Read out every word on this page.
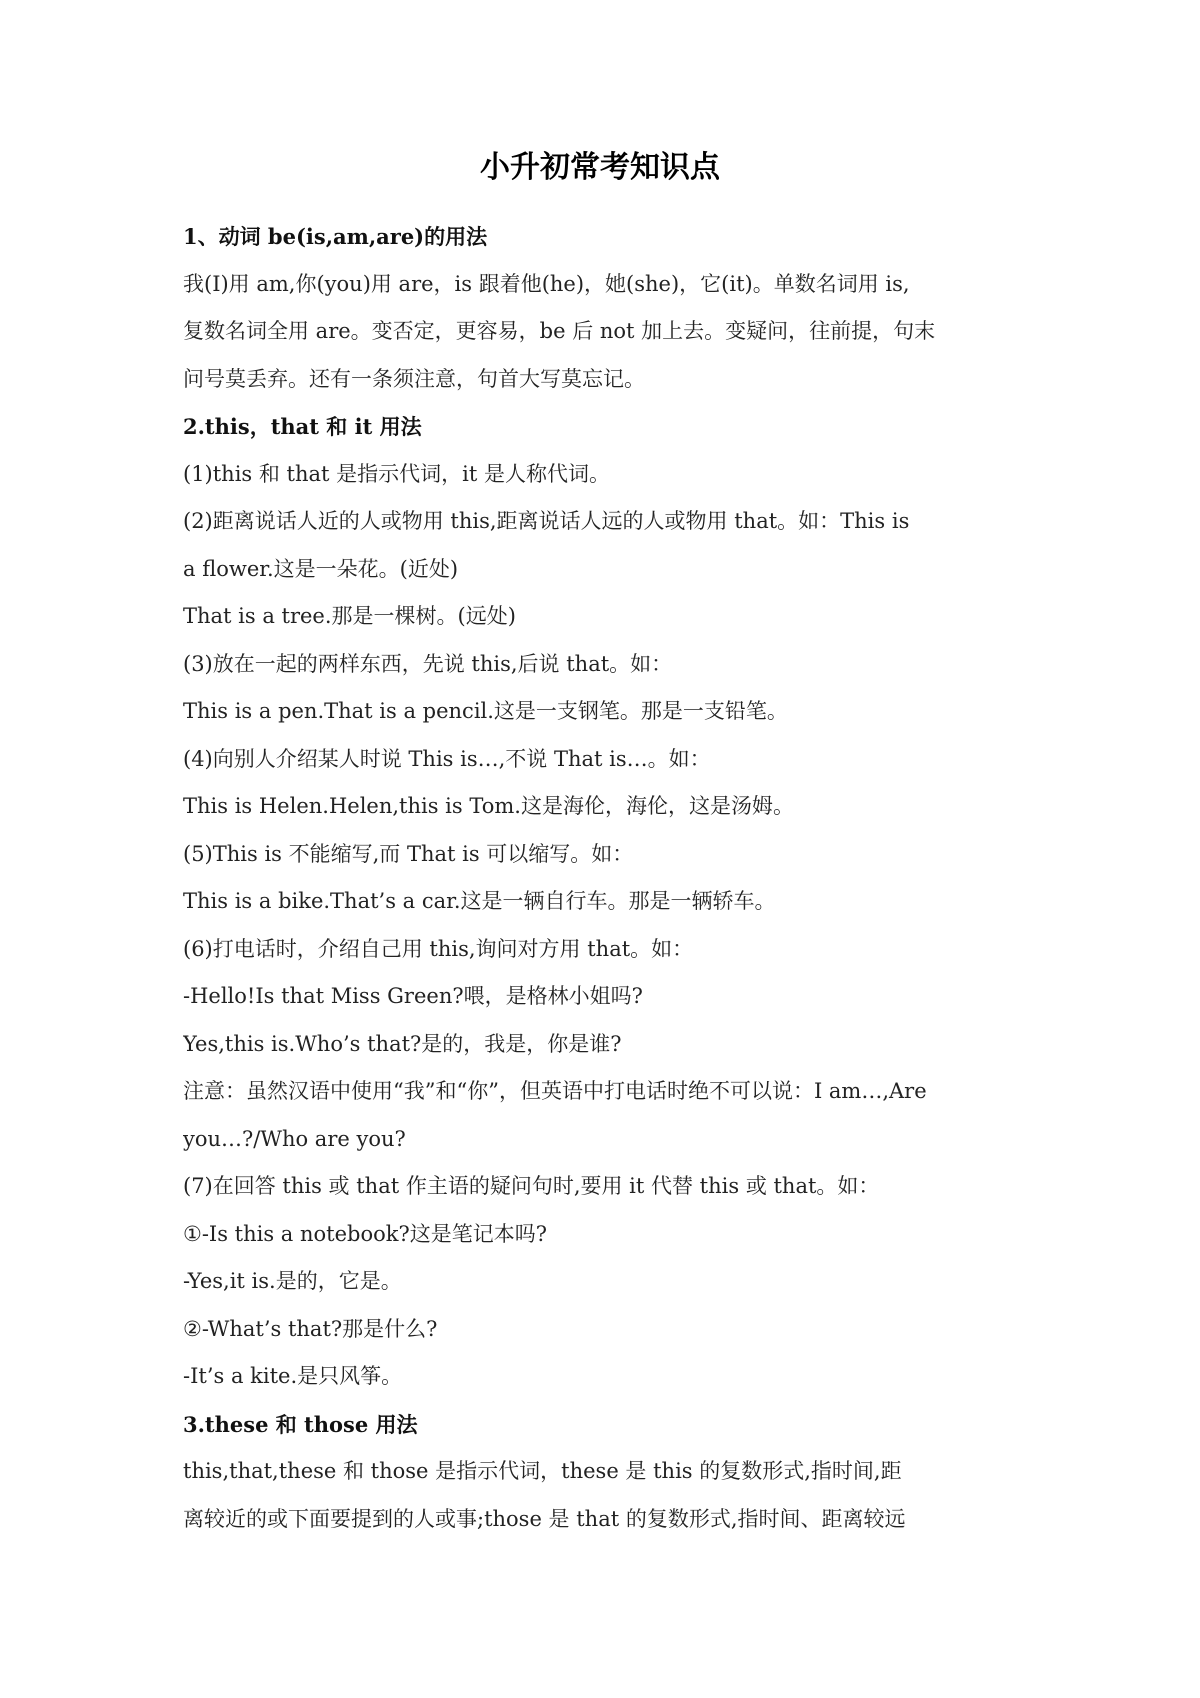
小升初常考知识点

1、动词 be(is,am,are)的用法

我(I)用 am,你(you)用 are，is 跟着他(he)，她(she)，它(it)。单数名词用 is,

复数名词全用 are。变否定，更容易，be 后 not 加上去。变疑问，往前提，句末

问号莫丢弃。还有一条须注意，句首大写莫忘记。

2.this，that 和 it 用法

(1)this 和 that 是指示代词，it 是人称代词。

(2)距离说话人近的人或物用 this,距离说话人远的人或物用 that。如：This is

a flower.这是一朵花。(近处)

That is a tree.那是一棵树。(远处)

(3)放在一起的两样东西，先说 this,后说 that。如：

This is a pen.That is a pencil.这是一支钢笔。那是一支铅笔。

(4)向别人介绍某人时说 This is…,不说 That is…。如：

This is Helen.Helen,this is Tom.这是海伦，海伦，这是汤姆。

(5)This is 不能缩写,而 That is 可以缩写。如：

This is a bike.That’s a car.这是一辆自行车。那是一辆轿车。

(6)打电话时，介绍自己用 this,询问对方用 that。如：

-Hello!Is that Miss Green?喂，是格林小姐吗?

Yes,this is.Who’s that?是的，我是，你是谁?

注意：虽然汉语中使用“我”和“你”，但英语中打电话时绝不可以说：I am…,Are

you…?/Who are you?

(7)在回答 this 或 that 作主语的疑问句时,要用 it 代替 this 或 that。如：

①-Is this a notebook?这是笔记本吗?

-Yes,it is.是的，它是。

②-What’s that?那是什么?

-It’s a kite.是只风筝。

3.these 和 those 用法

this,that,these 和 those 是指示代词，these 是 this 的复数形式,指时间,距

离较近的或下面要提到的人或事;those 是 that 的复数形式,指时间、距离较远
